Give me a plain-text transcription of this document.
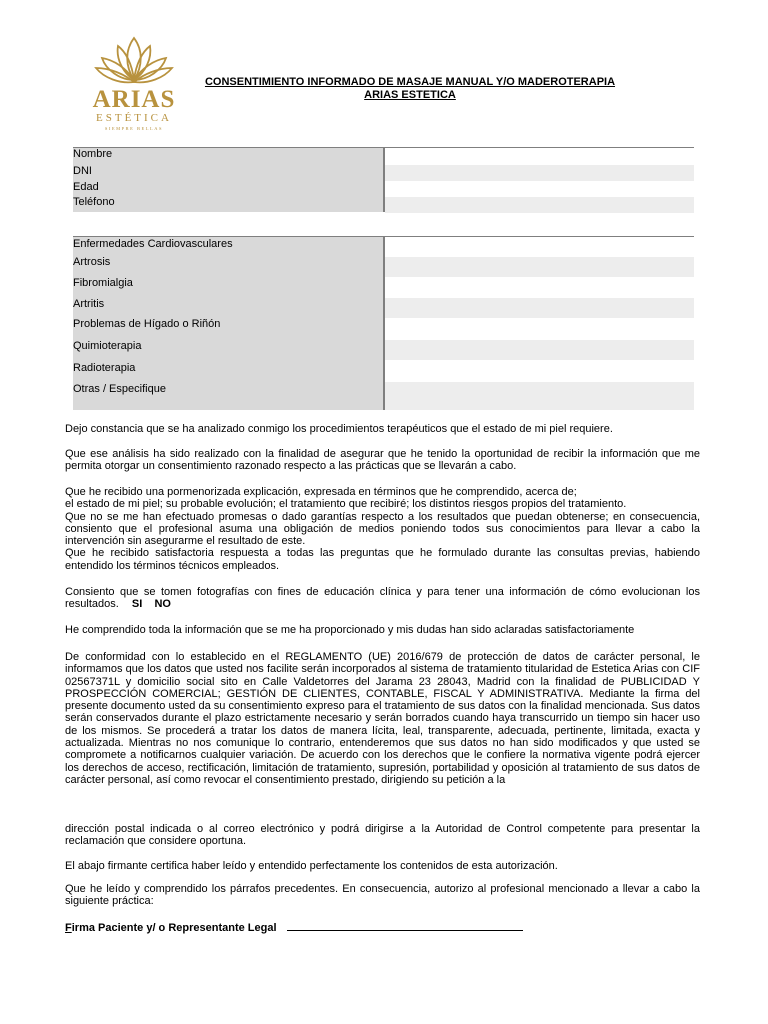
ARIAS
ESTÉTICA
SIEMPRE BELLAS
CONSENTIMIENTO INFORMADO DE MASAJE MANUAL Y/O MADEROTERAPIA
ARIAS ESTETICA
Nombre
DNI
Edad
Teléfono
Enfermedades Cardiovasculares
Artrosis
Fibromialgia
Artritis
Problemas de Hígado o Riñón
Quimioterapia
Radioterapia
Otras / Especifique

Dejo constancia que se ha analizado conmigo los procedimientos terapéuticos que el estado de mi piel requiere.

Que ese análisis ha sido realizado con la finalidad de asegurar que he tenido la oportunidad de recibir la información que me permita otorgar un consentimiento razonado respecto a las prácticas que se llevarán a cabo.

Que he recibido una pormenorizada explicación, expresada en términos que he comprendido, acerca de;

el estado de mi piel; su probable evolución; el tratamiento que recibiré; los distintos riesgos propios del tratamiento.

Que no se me han efectuado promesas o dado garantías respecto a los resultados que puedan obtenerse; en consecuencia, consiento que el profesional asuma una obligación de medios poniendo todos sus conocimientos para llevar a cabo la intervención sin asegurarme el resultado de este.

Que he recibido satisfactoria respuesta a todas las preguntas que he formulado durante las consultas previas, habiendo entendido los términos técnicos empleados.

Consiento que se tomen fotografías con fines de educación clínica y para tener una información de cómo evolucionan los resultados. SI    NO

He comprendido toda la información que se me ha proporcionado y mis dudas han sido aclaradas satisfactoriamente

De conformidad con lo establecido en el REGLAMENTO (UE) 2016/679 de protección de datos de carácter personal, le informamos que los datos que usted nos facilite serán incorporados al sistema de tratamiento titularidad de Estetica Arias con CIF 02567371L y domicilio social sito en Calle Valdetorres del Jarama 23 28043, Madrid con la finalidad de PUBLICIDAD Y PROSPECCIÓN COMERCIAL; GESTIÓN DE CLIENTES, CONTABLE, FISCAL Y ADMINISTRATIVA. Mediante la firma del presente documento usted da su consentimiento expreso para el tratamiento de sus datos con la finalidad mencionada. Sus datos serán conservados durante el plazo estrictamente necesario y serán borrados cuando haya transcurrido un tiempo sin hacer uso de los mismos. Se procederá a tratar los datos de manera lícita, leal, transparente, adecuada, pertinente, limitada, exacta y actualizada. Mientras no nos comunique lo contrario, entenderemos que sus datos no han sido modificados y que usted se compromete a notificarnos cualquier variación. De acuerdo con los derechos que le confiere la normativa vigente podrá ejercer los derechos de acceso, rectificación, limitación de tratamiento, supresión, portabilidad y oposición al tratamiento de sus datos de carácter personal, así como revocar el consentimiento prestado, dirigiendo su petición a la

dirección postal indicada o al correo electrónico y podrá dirigirse a la Autoridad de Control competente para presentar la reclamación que considere oportuna.

El abajo firmante certifica haber leído y entendido perfectamente los contenidos de esta autorización.

Que he leído y comprendido los párrafos precedentes. En consecuencia, autorizo al profesional mencionado a llevar a cabo la siguiente práctica:

Firma Paciente y/ o Representante Legal
